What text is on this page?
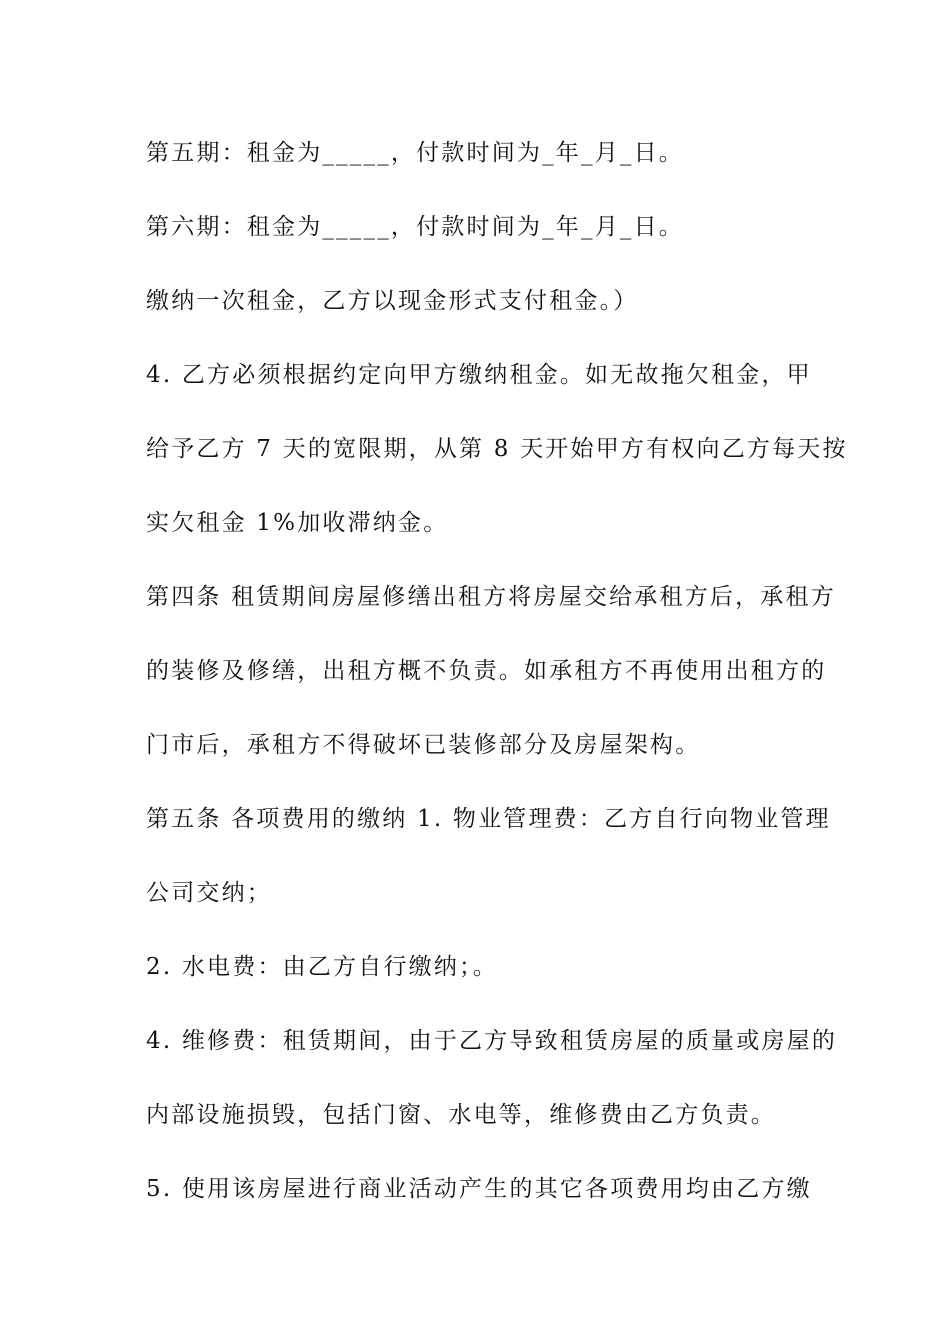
第五期：租金为_____，付款时间为_年_月_日。
第六期：租金为_____，付款时间为_年_月_日。
缴纳一次租金，乙方以现金形式支付租金。）
4. 乙方必须根据约定向甲方缴纳租金。如无故拖欠租金，甲
给予乙方 7 天的宽限期，从第 8 天开始甲方有权向乙方每天按
实欠租金 1%加收滞纳金。
第四条 租赁期间房屋修缮出租方将房屋交给承租方后，承租方
的装修及修缮，出租方概不负责。如承租方不再使用出租方的
门市后，承租方不得破坏已装修部分及房屋架构。
第五条 各项费用的缴纳 1. 物业管理费：乙方自行向物业管理
公司交纳；
2. 水电费：由乙方自行缴纳；。
4. 维修费：租赁期间，由于乙方导致租赁房屋的质量或房屋的
内部设施损毁，包括门窗、水电等，维修费由乙方负责。
5. 使用该房屋进行商业活动产生的其它各项费用均由乙方缴
